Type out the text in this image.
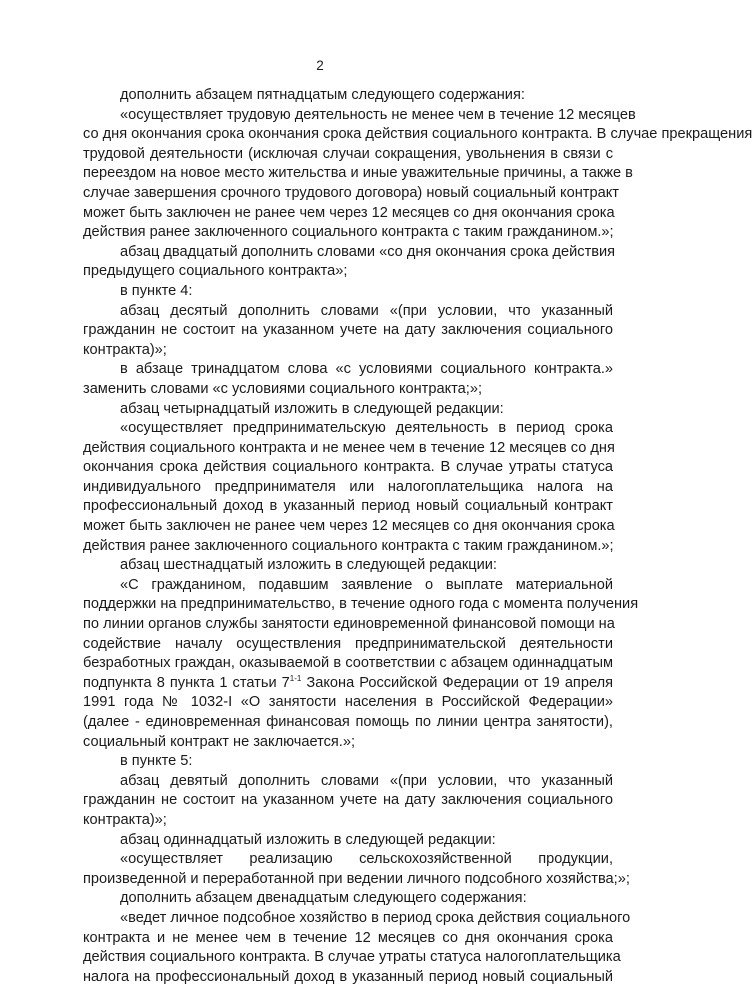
2
дополнить абзацем пятнадцатым следующего содержания:
«осуществляет трудовую деятельность не менее чем в течение 12 месяцев
со дня окончания срока окончания срока действия социального контракта. В случае прекращения
трудовой деятельности (исключая случаи сокращения, увольнения в связи с
переездом на новое место жительства и иные уважительные причины, а также в
случае завершения срочного трудового договора) новый социальный контракт
может быть заключен не ранее чем через 12 месяцев со дня окончания срока
действия ранее заключенного социального контракта с таким гражданином.»;
абзац двадцатый дополнить словами «со дня окончания срока действия
предыдущего социального контракта»;
в пункте 4:
абзац десятый дополнить словами «(при условии, что указанный
гражданин не состоит на указанном учете на дату заключения социального
контракта)»;
в абзаце тринадцатом слова «с условиями социального контракта.»
заменить словами «с условиями социального контракта;»;
абзац четырнадцатый изложить в следующей редакции:
«осуществляет предпринимательскую деятельность в период срока
действия социального контракта и не менее чем в течение 12 месяцев со дня
окончания срока действия социального контракта. В случае утраты статуса
индивидуального предпринимателя или налогоплательщика налога на
профессиональный доход в указанный период новый социальный контракт
может быть заключен не ранее чем через 12 месяцев со дня окончания срока
действия ранее заключенного социального контракта с таким гражданином.»;
абзац шестнадцатый изложить в следующей редакции:
«С гражданином, подавшим заявление о выплате материальной
поддержки на предпринимательство, в течение одного года с момента получения
по линии органов службы занятости единовременной финансовой помощи на
содействие началу осуществления предпринимательской деятельности
безработных граждан, оказываемой в соответствии с абзацем одиннадцатым
подпункта 8 пункта 1 статьи 7$^{1-1}$ Закона Российской Федерации от 19 апреля
1991 года № 1032-I «О занятости населения в Российской Федерации»
(далее - единовременная финансовая помощь по линии центра занятости),
социальный контракт не заключается.»;
в пункте 5:
абзац девятый дополнить словами «(при условии, что указанный
гражданин не состоит на указанном учете на дату заключения социального
контракта)»;
абзац одиннадцатый изложить в следующей редакции:
«осуществляет реализацию сельскохозяйственной продукции,
произведенной и переработанной при ведении личного подсобного хозяйства;»;
дополнить абзацем двенадцатым следующего содержания:
«ведет личное подсобное хозяйство в период срока действия социального
контракта и не менее чем в течение 12 месяцев со дня окончания срока
действия социального контракта. В случае утраты статуса налогоплательщика
налога на профессиональный доход в указанный период новый социальный
